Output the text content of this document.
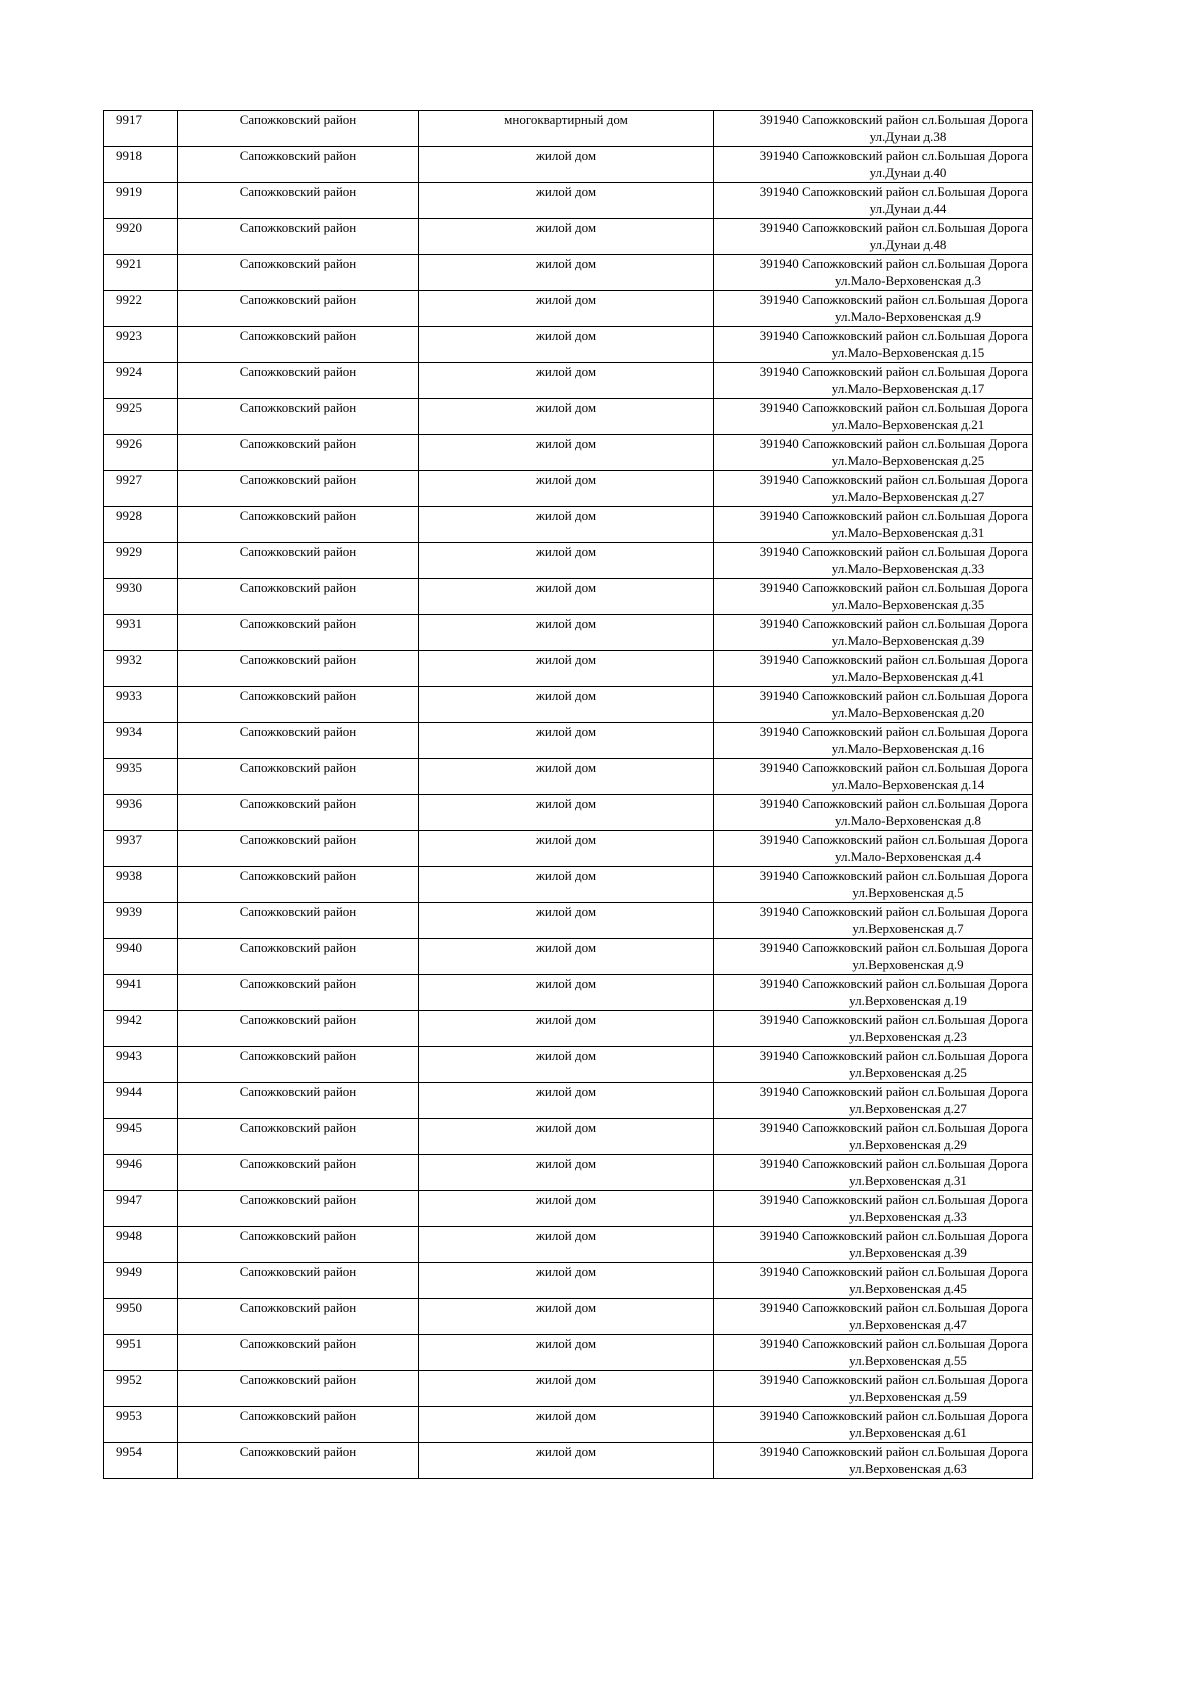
9917	Сапожковский район	многоквартирный дом	391940 Сапожковский район сл.Большая Дорога
ул.Дунаи д.38

9918	Сапожковский район	жилой дом	391940 Сапожковский район сл.Большая Дорога
ул.Дунаи д.40

9919	Сапожковский район	жилой дом	391940 Сапожковский район сл.Большая Дорога
ул.Дунаи д.44

9920	Сапожковский район	жилой дом	391940 Сапожковский район сл.Большая Дорога
ул.Дунаи д.48

9921	Сапожковский район	жилой дом	391940 Сапожковский район сл.Большая Дорога
ул.Мало-Верховенская д.3

9922	Сапожковский район	жилой дом	391940 Сапожковский район сл.Большая Дорога
ул.Мало-Верховенская д.9

9923	Сапожковский район	жилой дом	391940 Сапожковский район сл.Большая Дорога
ул.Мало-Верховенская д.15

9924	Сапожковский район	жилой дом	391940 Сапожковский район сл.Большая Дорога
ул.Мало-Верховенская д.17

9925	Сапожковский район	жилой дом	391940 Сапожковский район сл.Большая Дорога
ул.Мало-Верховенская д.21

9926	Сапожковский район	жилой дом	391940 Сапожковский район сл.Большая Дорога
ул.Мало-Верховенская д.25

9927	Сапожковский район	жилой дом	391940 Сапожковский район сл.Большая Дорога
ул.Мало-Верховенская д.27

9928	Сапожковский район	жилой дом	391940 Сапожковский район сл.Большая Дорога
ул.Мало-Верховенская д.31

9929	Сапожковский район	жилой дом	391940 Сапожковский район сл.Большая Дорога
ул.Мало-Верховенская д.33

9930	Сапожковский район	жилой дом	391940 Сапожковский район сл.Большая Дорога
ул.Мало-Верховенская д.35

9931	Сапожковский район	жилой дом	391940 Сапожковский район сл.Большая Дорога
ул.Мало-Верховенская д.39

9932	Сапожковский район	жилой дом	391940 Сапожковский район сл.Большая Дорога
ул.Мало-Верховенская д.41

9933	Сапожковский район	жилой дом	391940 Сапожковский район сл.Большая Дорога
ул.Мало-Верховенская д.20

9934	Сапожковский район	жилой дом	391940 Сапожковский район сл.Большая Дорога
ул.Мало-Верховенская д.16

9935	Сапожковский район	жилой дом	391940 Сапожковский район сл.Большая Дорога
ул.Мало-Верховенская д.14

9936	Сапожковский район	жилой дом	391940 Сапожковский район сл.Большая Дорога
ул.Мало-Верховенская д.8

9937	Сапожковский район	жилой дом	391940 Сапожковский район сл.Большая Дорога
ул.Мало-Верховенская д.4

9938	Сапожковский район	жилой дом	391940 Сапожковский район сл.Большая Дорога
ул.Верховенская д.5

9939	Сапожковский район	жилой дом	391940 Сапожковский район сл.Большая Дорога
ул.Верховенская д.7

9940	Сапожковский район	жилой дом	391940 Сапожковский район сл.Большая Дорога
ул.Верховенская д.9

9941	Сапожковский район	жилой дом	391940 Сапожковский район сл.Большая Дорога
ул.Верховенская д.19

9942	Сапожковский район	жилой дом	391940 Сапожковский район сл.Большая Дорога
ул.Верховенская д.23

9943	Сапожковский район	жилой дом	391940 Сапожковский район сл.Большая Дорога
ул.Верховенская д.25

9944	Сапожковский район	жилой дом	391940 Сапожковский район сл.Большая Дорога
ул.Верховенская д.27

9945	Сапожковский район	жилой дом	391940 Сапожковский район сл.Большая Дорога
ул.Верховенская д.29

9946	Сапожковский район	жилой дом	391940 Сапожковский район сл.Большая Дорога
ул.Верховенская д.31

9947	Сапожковский район	жилой дом	391940 Сапожковский район сл.Большая Дорога
ул.Верховенская д.33

9948	Сапожковский район	жилой дом	391940 Сапожковский район сл.Большая Дорога
ул.Верховенская д.39

9949	Сапожковский район	жилой дом	391940 Сапожковский район сл.Большая Дорога
ул.Верховенская д.45

9950	Сапожковский район	жилой дом	391940 Сапожковский район сл.Большая Дорога
ул.Верховенская д.47

9951	Сапожковский район	жилой дом	391940 Сапожковский район сл.Большая Дорога
ул.Верховенская д.55

9952	Сапожковский район	жилой дом	391940 Сапожковский район сл.Большая Дорога
ул.Верховенская д.59

9953	Сапожковский район	жилой дом	391940 Сапожковский район сл.Большая Дорога
ул.Верховенская д.61

9954	Сапожковский район	жилой дом	391940 Сапожковский район сл.Большая Дорога
ул.Верховенская д.63
